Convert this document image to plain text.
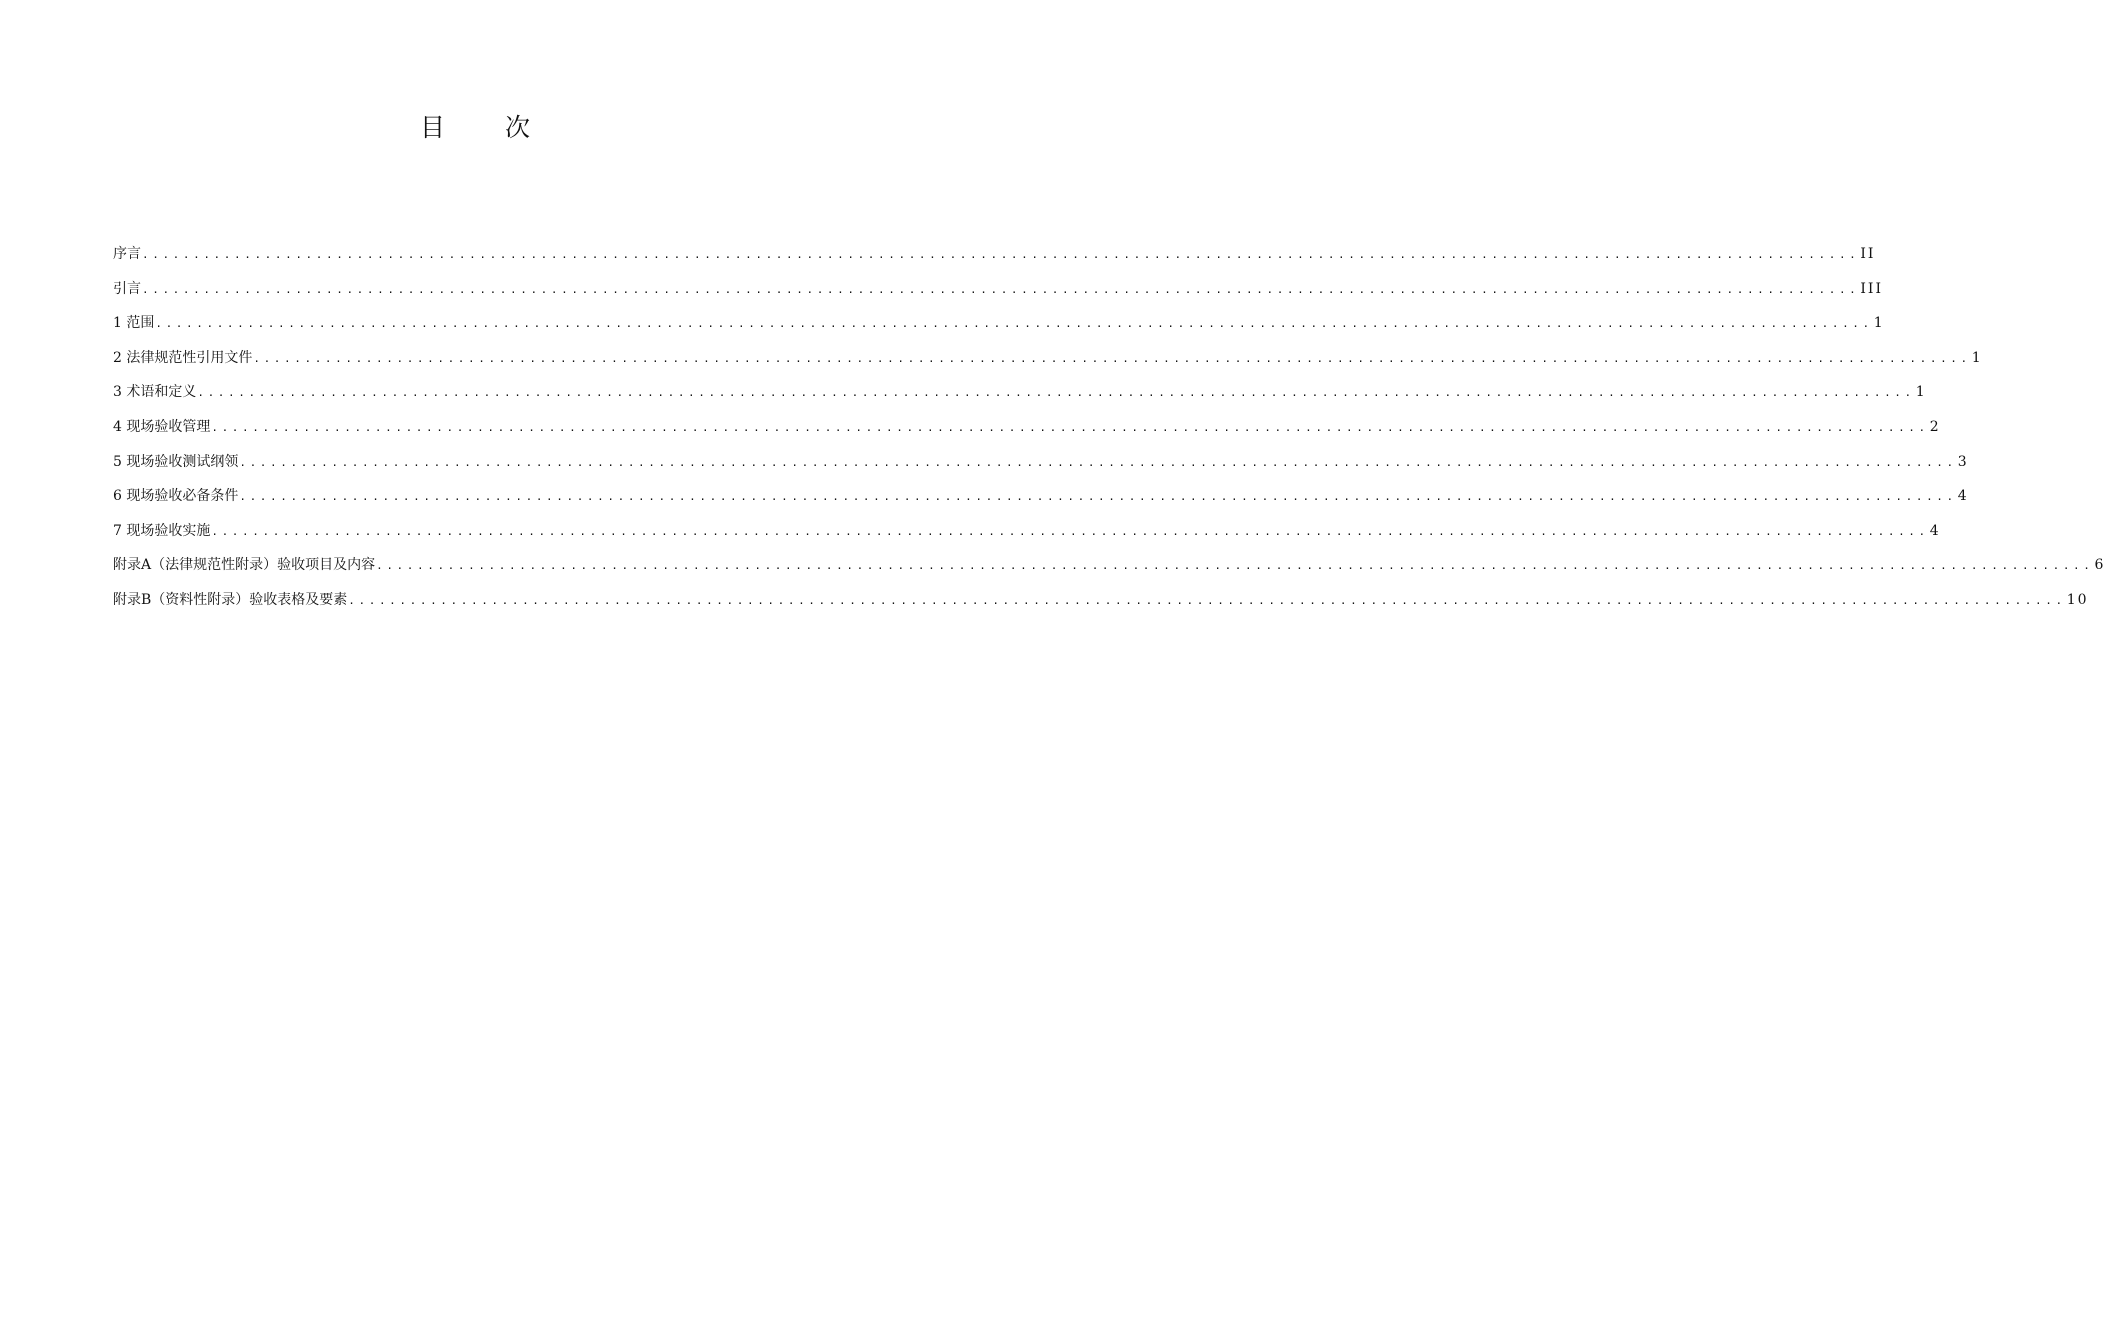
目次
序言 ........................................................................................................................................................................ II
引言 ........................................................................................................................................................................ III
1 范围 ........................................................................................................................................................................ 1
2 法律规范性引用文件 ........................................................................................................................................................................ 1
3 术语和定义 ........................................................................................................................................................................ 1
4 现场验收管理 ........................................................................................................................................................................ 2
5 现场验收测试纲领 ........................................................................................................................................................................ 3
6 现场验收必备条件 ........................................................................................................................................................................ 4
7 现场验收实施 ........................................................................................................................................................................ 4
附录A（法律规范性附录）验收项目及内容 ........................................................................................................................................................................ 6
附录B（资料性附录）验收表格及要素 ........................................................................................................................................................................ 10
